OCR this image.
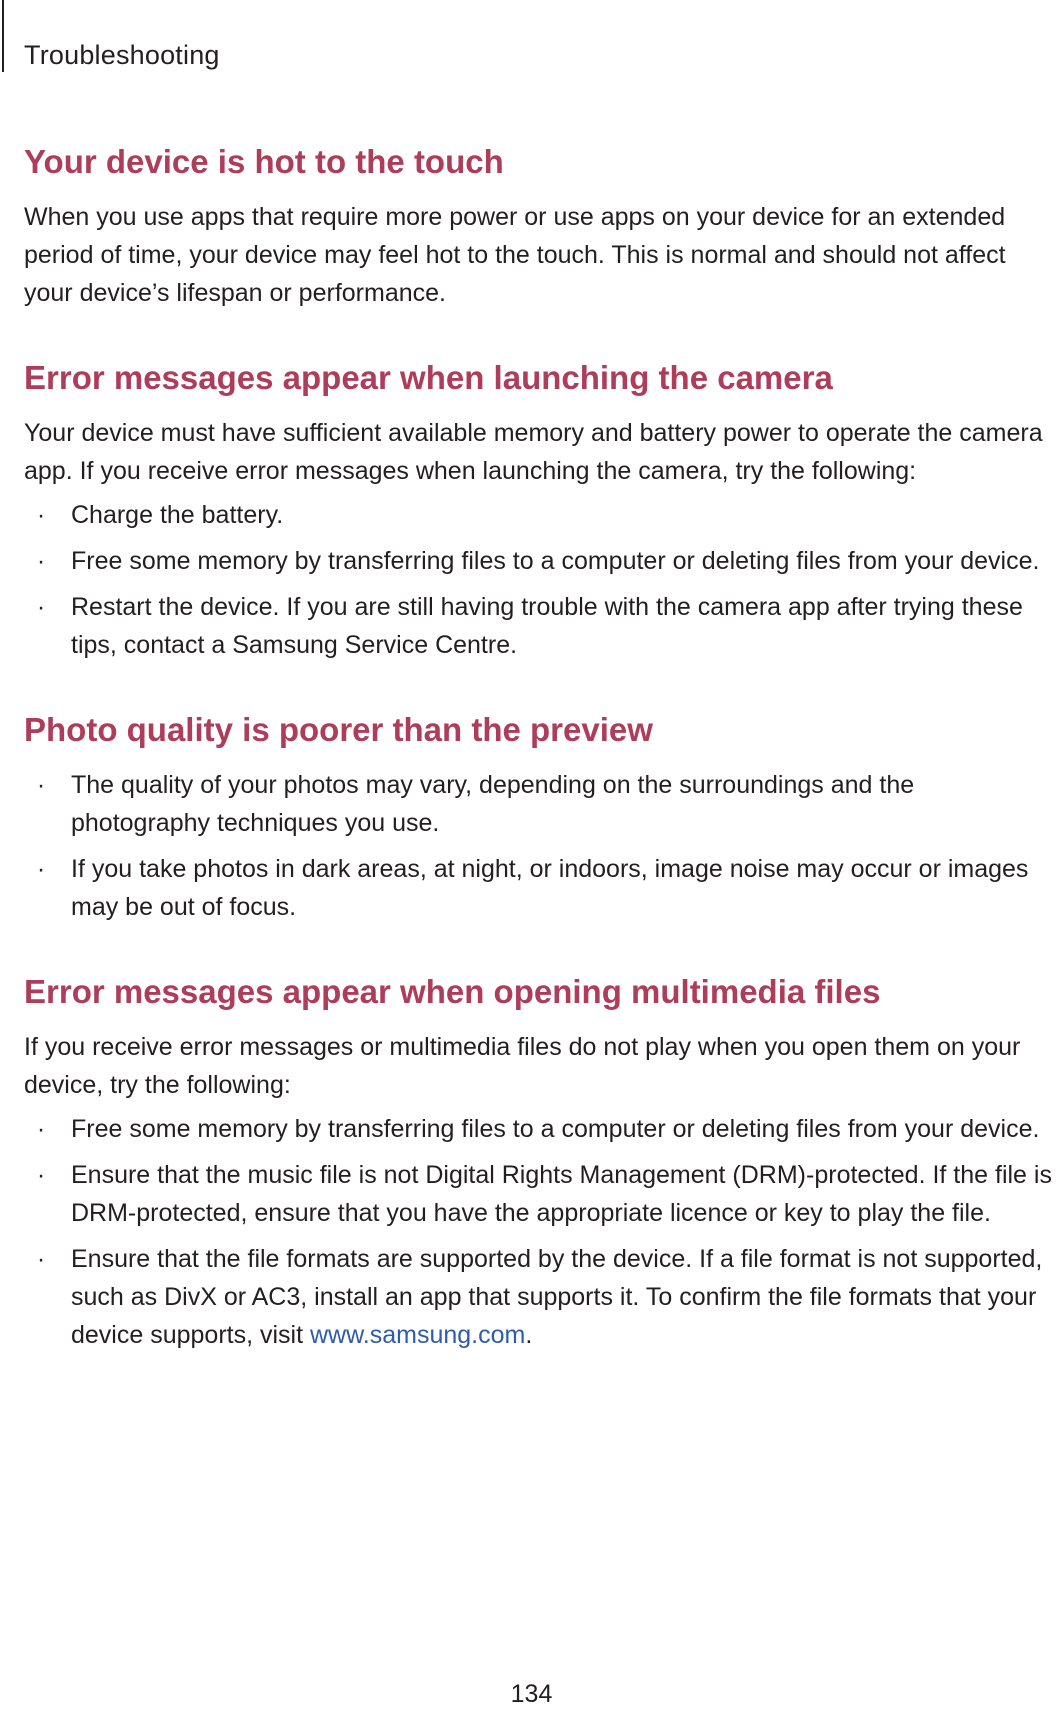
Troubleshooting
Your device is hot to the touch

When you use apps that require more power or use apps on your device for an extended period of time, your device may feel hot to the touch. This is normal and should not affect your device’s lifespan or performance.

Error messages appear when launching the camera

Your device must have sufficient available memory and battery power to operate the camera app. If you receive error messages when launching the camera, try the following:

· Charge the battery.
· Free some memory by transferring files to a computer or deleting files from your device.
· Restart the device. If you are still having trouble with the camera app after trying these tips, contact a Samsung Service Centre.
Photo quality is poorer than the preview
· The quality of your photos may vary, depending on the surroundings and the photography techniques you use.
· If you take photos in dark areas, at night, or indoors, image noise may occur or images may be out of focus.
Error messages appear when opening multimedia files

If you receive error messages or multimedia files do not play when you open them on your device, try the following:

· Free some memory by transferring files to a computer or deleting files from your device.
· Ensure that the music file is not Digital Rights Management (DRM)-protected. If the file is DRM-protected, ensure that you have the appropriate licence or key to play the file.
· Ensure that the file formats are supported by the device. If a file format is not supported, such as DivX or AC3, install an app that supports it. To confirm the file formats that your device supports, visit www.samsung.com.
134
